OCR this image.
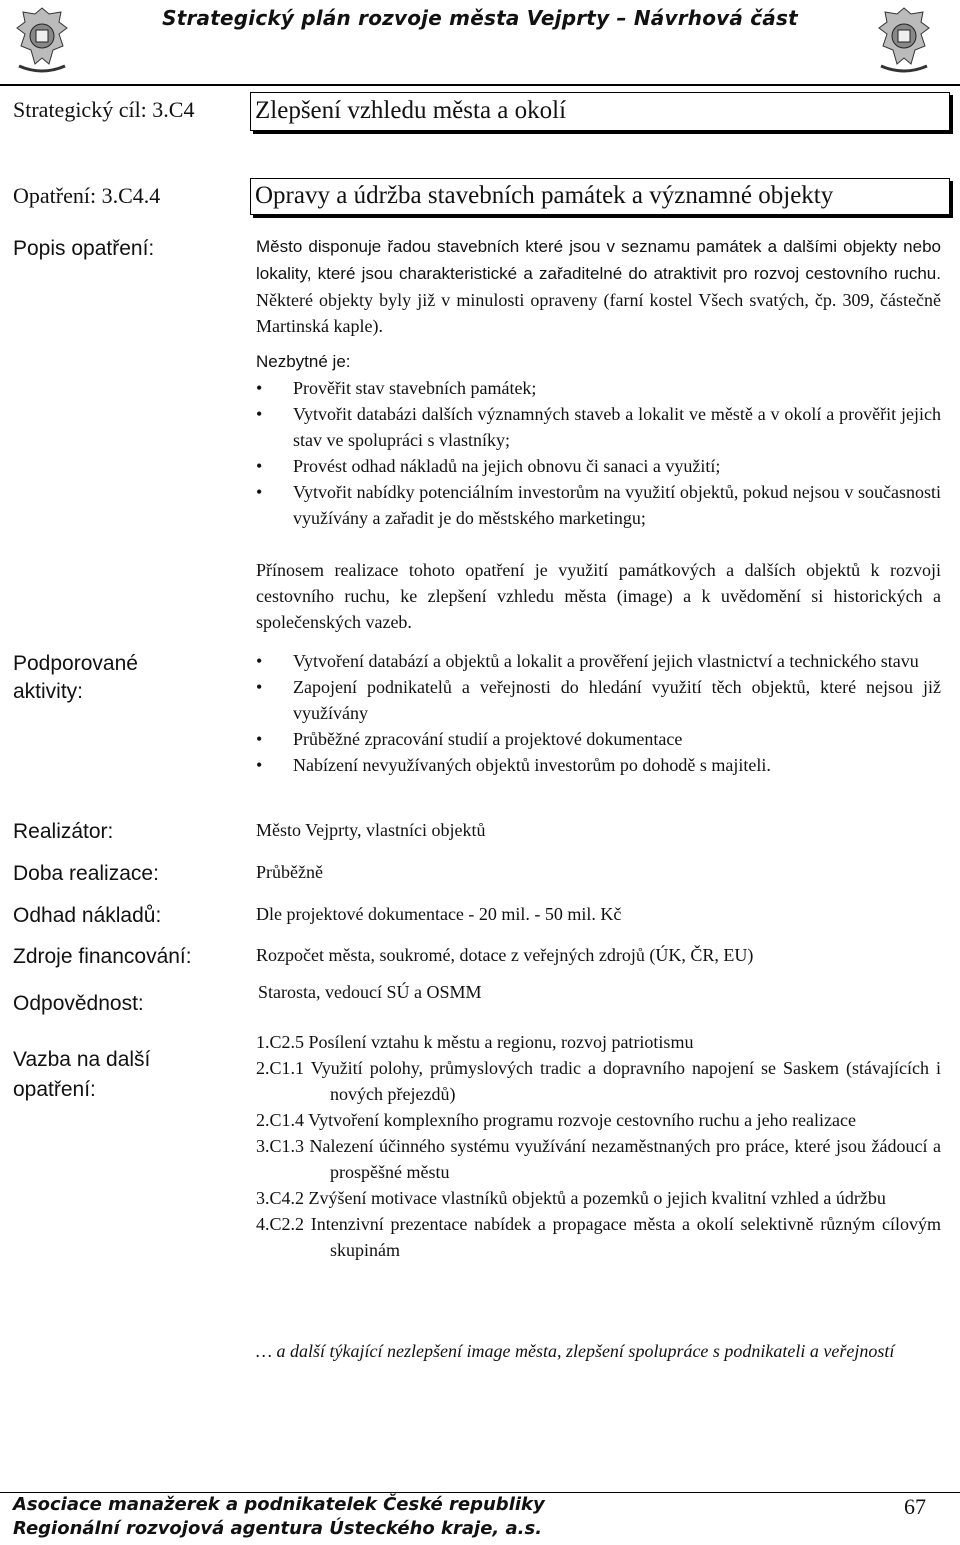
Strategický plán rozvoje města Vejprty – Návrhová část
Strategický cíl: 3.C4 Zlepšení vzhledu města a okolí
Opatření: 3.C4.4	Opravy a údržba stavebních památek a významné objekty
Popis opatření:	Město disponuje řadou stavebních které jsou v seznamu památek a dalšími objekty nebo lokality, které jsou charakteristické a zařaditelné do atraktivit pro rozvoj cestovního ruchu. Některé objekty byly již v minulosti opraveny (farní kostel Všech svatých, čp. 309, částečně Martinská kaple).
Nezbytné je:
• Prověřit stav stavebních památek;
• Vytvořit databázi dalších významných staveb a lokalit ve městě a v okolí a prověřit jejich stav ve spolupráci s vlastníky;
• Provést odhad nákladů na jejich obnovu či sanaci a využití;
• Vytvořit nabídky potenciálním investorům na využití objektů, pokud nejsou v současnosti využívány a zařadit je do městského marketingu;
Přínosem realizace tohoto opatření je využití památkových a dalších objektů k rozvoji cestovního ruchu, ke zlepšení vzhledu města (image) a k uvědomění si historických a společenských vazeb.
Podporované
aktivity:
• Vytvoření databází a objektů a lokalit a prověření jejich vlastnictví a technického stavu
• Zapojení podnikatelů a veřejnosti do hledání využití těch objektů, které nejsou již využívány
• Průběžné zpracování studií a projektové dokumentace
• Nabízení nevyužívaných objektů investorům po dohodě s majiteli.
Realizátor:	Město Vejprty, vlastníci objektů
Doba realizace:	Průběžně
Odhad nákladů:	Dle projektové dokumentace - 20 mil. - 50 mil. Kč
Zdroje financování:	Rozpočet města, soukromé, dotace z veřejných zdrojů (ÚK, ČR, EU)
Odpovědnost:	Starosta, vedoucí SÚ a OSMM
Vazba na další
opatření:
1.C2.5 Posílení vztahu k městu a regionu, rozvoj patriotismu
2.C1.1 Využití polohy, průmyslových tradic a dopravního napojení se Saskem (stávajících i nových přejezdů)
2.C1.4 Vytvoření komplexního programu rozvoje cestovního ruchu a jeho realizace
3.C1.3 Nalezení účinného systému využívání nezaměstnaných pro práce, které jsou žádoucí a prospěšné městu
3.C4.2 Zvýšení motivace vlastníků objektů a pozemků o jejich kvalitní vzhled a údržbu
4.C2.2 Intenzivní prezentace nabídek a propagace města a okolí selektivně různým cílovým skupinám
… a další týkající nezlepšení image města, zlepšení spolupráce s podnikateli a veřejností
Asociace manažerek a podnikatelek České republiky
Regionální rozvojová agentura Ústeckého kraje, a.s.
67
